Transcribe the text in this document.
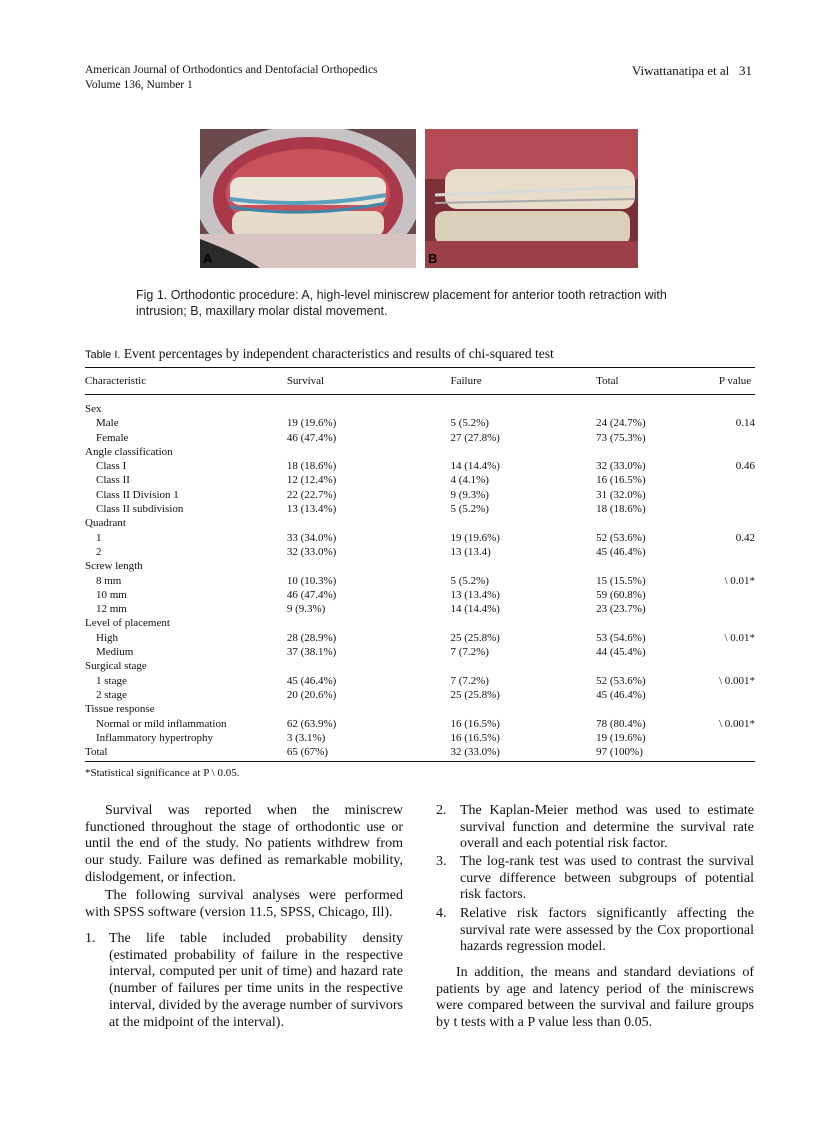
American Journal of Orthodontics and Dentofacial Orthopedics
Volume 136, Number 1
Viwattanatipa et al 31
A	B
Fig 1. Orthodontic procedure: A, high-level miniscrew placement for anterior tooth retraction with intrusion; B, maxillary molar distal movement.
Table I. Event percentages by independent characteristics and results of chi-squared test
Characteristic	Survival	Failure	Total	P value

Sex				
Male	19 (19.6%)	5 (5.2%)	24 (24.7%)	0.14
Female	46 (47.4%)	27 (27.8%)	73 (75.3%)	
Angle classification				
Class I	18 (18.6%)	14 (14.4%)	32 (33.0%)	0.46
Class II	12 (12.4%)	4 (4.1%)	16 (16.5%)	
Class II Division 1	22 (22.7%)	9 (9.3%)	31 (32.0%)	
Class II subdivision	13 (13.4%)	5 (5.2%)	18 (18.6%)	
Quadrant				
1	33 (34.0%)	19 (19.6%)	52 (53.6%)	0.42
2	32 (33.0%)	13 (13.4)	45 (46.4%)	
Screw length				
8 mm	10 (10.3%)	5 (5.2%)	15 (15.5%)	\ 0.01*
10 mm	46 (47.4%)	13 (13.4%)	59 (60.8%)	
12 mm	9 (9.3%)	14 (14.4%)	23 (23.7%)	
Level of placement				
High	28 (28.9%)	25 (25.8%)	53 (54.6%)	\ 0.01*
Medium	37 (38.1%)	7 (7.2%)	44 (45.4%)	
Surgical stage				
1 stage	45 (46.4%)	7 (7.2%)	52 (53.6%)	\ 0.001*
2 stage	20 (20.6%)	25 (25.8%)	45 (46.4%)	
Tissue response				
Normal or mild inflammation	62 (63.9%)	16 (16.5%)	78 (80.4%)	\ 0.001*
Inflammatory hypertrophy	3 (3.1%)	16 (16.5%)	19 (19.6%)	
Total	65 (67%)	32 (33.0%)	97 (100%)	
*Statistical significance at P \ 0.05.
Survival was reported when the miniscrew functioned throughout the stage of orthodontic use or until the end of the study. No patients withdrew from our study. Failure was defined as remarkable mobility, dislodgement, or infection.
The following survival analyses were performed with SPSS software (version 11.5, SPSS, Chicago, Ill).
1. The life table included probability density (estimated probability of failure in the respective interval, computed per unit of time) and hazard rate (number of failures per time units in the respective interval, divided by the average number of survivors at the midpoint of the interval).
2. The Kaplan-Meier method was used to estimate survival function and determine the survival rate overall and each potential risk factor.
3. The log-rank test was used to contrast the survival curve difference between subgroups of potential risk factors.
4. Relative risk factors significantly affecting the survival rate were assessed by the Cox proportional hazards regression model.
In addition, the means and standard deviations of patients by age and latency period of the miniscrews were compared between the survival and failure groups by t tests with a P value less than 0.05.
